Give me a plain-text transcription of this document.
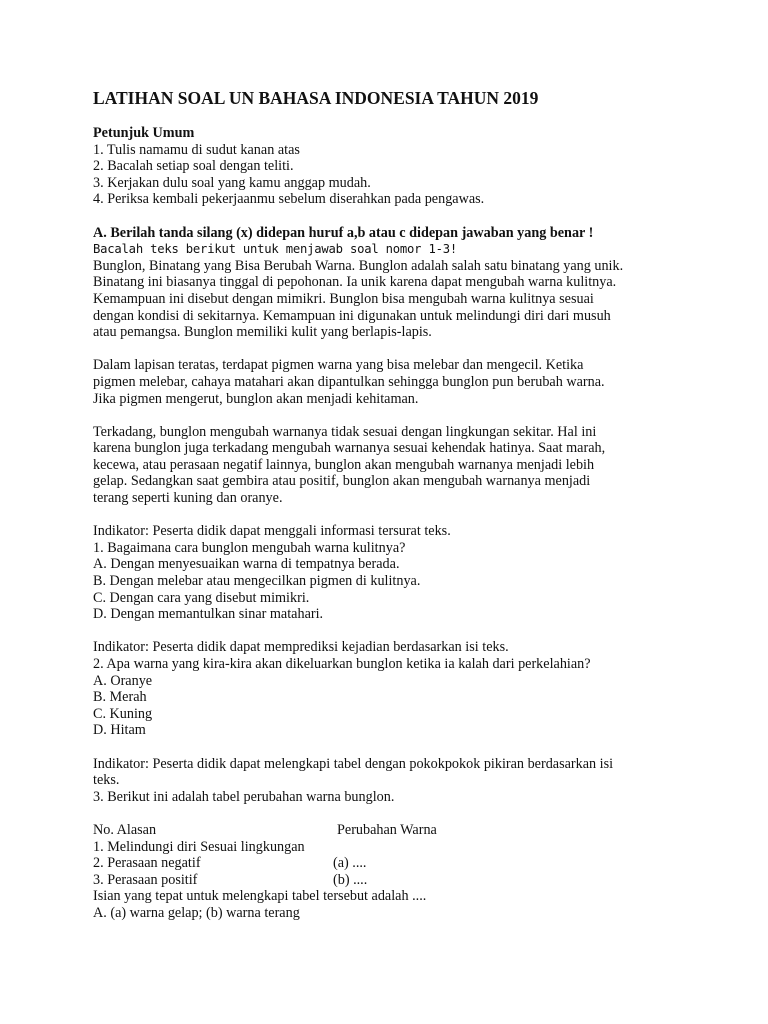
LATIHAN SOAL UN BAHASA INDONESIA TAHUN 2019
Petunjuk Umum
1. Tulis namamu di sudut kanan atas
2. Bacalah setiap soal dengan teliti.
3. Kerjakan dulu soal yang kamu anggap mudah.
4. Periksa kembali pekerjaanmu sebelum diserahkan pada pengawas.
A. Berilah tanda silang (x) didepan huruf a,b atau c didepan jawaban yang benar !
Bacalah teks berikut untuk menjawab soal nomor 1-3!
Bunglon, Binatang yang Bisa Berubah Warna. Bunglon adalah salah satu binatang yang unik.
Binatang ini biasanya tinggal di pepohonan. Ia unik karena dapat mengubah warna kulitnya.
Kemampuan ini disebut dengan mimikri. Bunglon bisa mengubah warna kulitnya sesuai
dengan kondisi di sekitarnya. Kemampuan ini digunakan untuk melindungi diri dari musuh
atau pemangsa. Bunglon memiliki kulit yang berlapis-lapis.
Dalam lapisan teratas, terdapat pigmen warna yang bisa melebar dan mengecil. Ketika
pigmen melebar, cahaya matahari akan dipantulkan sehingga bunglon pun berubah warna.
Jika pigmen mengerut, bunglon akan menjadi kehitaman.
Terkadang, bunglon mengubah warnanya tidak sesuai dengan lingkungan sekitar. Hal ini
karena bunglon juga terkadang mengubah warnanya sesuai kehendak hatinya. Saat marah,
kecewa, atau perasaan negatif lainnya, bunglon akan mengubah warnanya menjadi lebih
gelap. Sedangkan saat gembira atau positif, bunglon akan mengubah warnanya menjadi
terang seperti kuning dan oranye.
Indikator: Peserta didik dapat menggali informasi tersurat teks.
1. Bagaimana cara bunglon mengubah warna kulitnya?
A. Dengan menyesuaikan warna di tempatnya berada.
B. Dengan melebar atau mengecilkan pigmen di kulitnya.
C. Dengan cara yang disebut mimikri.
D. Dengan memantulkan sinar matahari.
Indikator: Peserta didik dapat memprediksi kejadian berdasarkan isi teks.
2. Apa warna yang kira-kira akan dikeluarkan bunglon ketika ia kalah dari perkelahian?
A. Oranye
B. Merah
C. Kuning
D. Hitam
Indikator: Peserta didik dapat melengkapi tabel dengan pokokpokok pikiran berdasarkan isi
teks.
3. Berikut ini adalah tabel perubahan warna bunglon.
No. Alasan	Perubahan Warna
1. Melindungi diri Sesuai lingkungan
2. Perasaan negatif	(a) ....
3. Perasaan positif	(b) ....
Isian yang tepat untuk melengkapi tabel tersebut adalah ....
A. (a) warna gelap; (b) warna terang
